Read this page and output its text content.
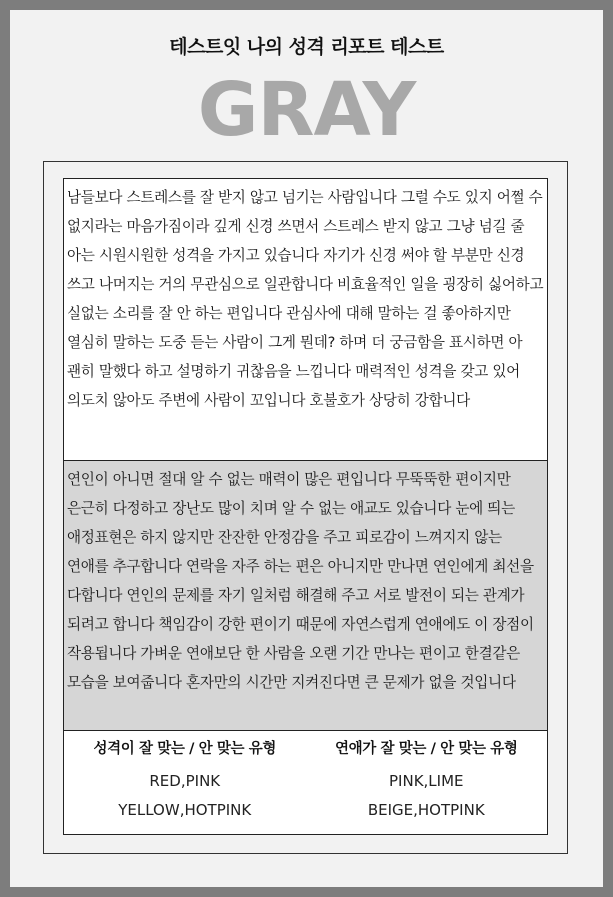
테스트잇 나의 성격 리포트 테스트
GRAY
남들보다 스트레스를 잘 받지 않고 넘기는 사람입니다 그럴 수도 있지 어쩔 수 없지라는 마음가짐이라 깊게 신경 쓰면서 스트레스 받지 않고 그냥 넘길 줄 아는 시원시원한 성격을 가지고 있습니다 자기가 신경 써야 할 부분만 신경 쓰고 나머지는 거의 무관심으로 일관합니다 비효율적인 일을 굉장히 싫어하고 실없는 소리를 잘 안 하는 편입니다 관심사에 대해 말하는 걸 좋아하지만 열심히 말하는 도중 듣는 사람이 그게 뭔데? 하며 더 궁금함을 표시하면 아 괜히 말했다 하고 설명하기 귀찮음을 느낍니다 매력적인 성격을 갖고 있어 의도치 않아도 주변에 사람이 꼬입니다 호불호가 상당히 강합니다
연인이 아니면 절대 알 수 없는 매력이 많은 편입니다 무뚝뚝한 편이지만 은근히 다정하고 장난도 많이 치며 알 수 없는 애교도 있습니다 눈에 띄는 애정표현은 하지 않지만 잔잔한 안정감을 주고 피로감이 느껴지지 않는 연애를 추구합니다 연락을 자주 하는 편은 아니지만 만나면 연인에게 최선을 다합니다 연인의 문제를 자기 일처럼 해결해 주고 서로 발전이 되는 관계가 되려고 합니다 책임감이 강한 편이기 때문에 자연스럽게 연애에도 이 장점이 작용됩니다 가벼운 연애보단 한 사람을 오랜 기간 만나는 편이고 한결같은 모습을 보여줍니다 혼자만의 시간만 지켜진다면 큰 문제가 없을 것입니다
성격이 잘 맞는 / 안 맞는 유형
RED,PINK
YELLOW,HOTPINK
연애가 잘 맞는 / 안 맞는 유형
PINK,LIME
BEIGE,HOTPINK
